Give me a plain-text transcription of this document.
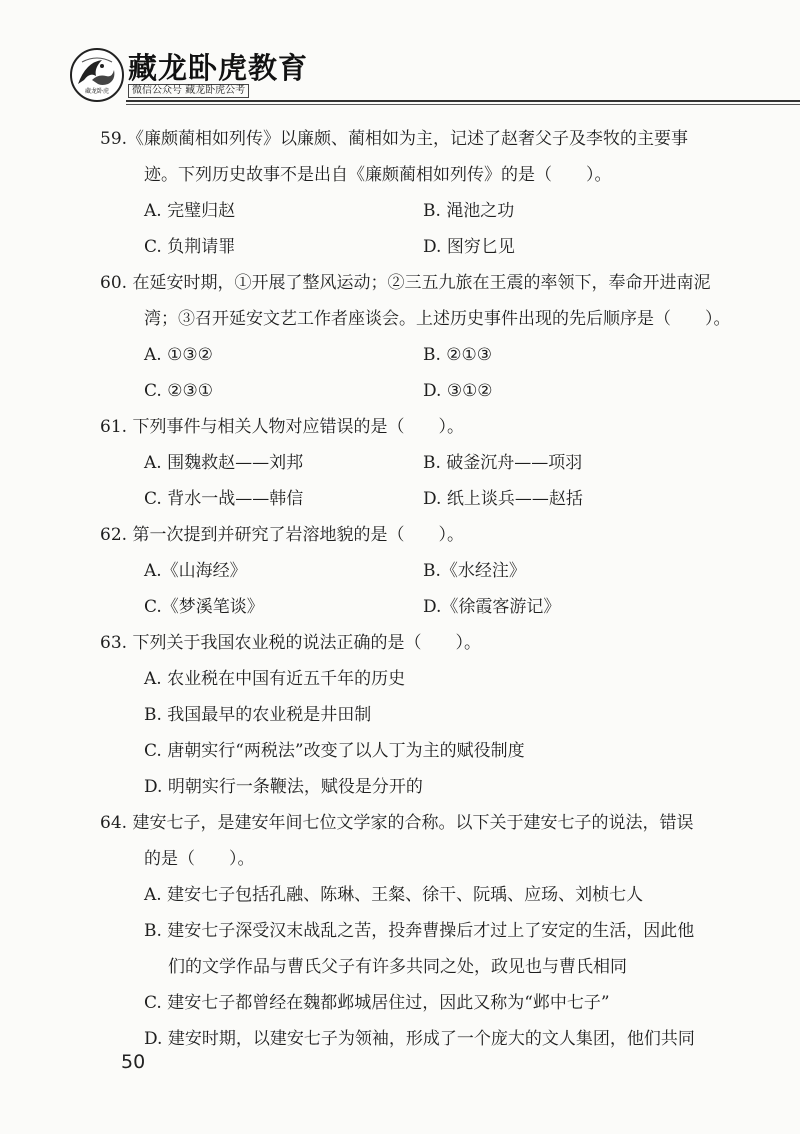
藏龙卧虎
藏龙卧虎教育
微信公众号 藏龙卧虎公考

59.《廉颇蔺相如列传》以廉颇、蔺相如为主，记述了赵奢父子及李牧的主要事

迹。下列历史故事不是出自《廉颇蔺相如列传》的是（　　）。

A. 完璧归赵	B. 渑池之功
C. 负荆请罪	D. 图穷匕见

60. 在延安时期，①开展了整风运动；②三五九旅在王震的率领下，奉命开进南泥

湾；③召开延安文艺工作者座谈会。上述历史事件出现的先后顺序是（　　）。

A. ①③②	B. ②①③
C. ②③①	D. ③①②

61. 下列事件与相关人物对应错误的是（　　）。

A. 围魏救赵——刘邦	B. 破釜沉舟——项羽
C. 背水一战——韩信	D. 纸上谈兵——赵括

62. 第一次提到并研究了岩溶地貌的是（　　）。

A.《山海经》	B.《水经注》
C.《梦溪笔谈》	D.《徐霞客游记》

63. 下列关于我国农业税的说法正确的是（　　）。

A. 农业税在中国有近五千年的历史
B. 我国最早的农业税是井田制
C. 唐朝实行“两税法”改变了以人丁为主的赋役制度
D. 明朝实行一条鞭法，赋役是分开的

64. 建安七子，是建安年间七位文学家的合称。以下关于建安七子的说法，错误

的是（　　）。

A. 建安七子包括孔融、陈琳、王粲、徐干、阮瑀、应玚、刘桢七人
B. 建安七子深受汉末战乱之苦，投奔曹操后才过上了安定的生活，因此他
们的文学作品与曹氏父子有许多共同之处，政见也与曹氏相同
C. 建安七子都曾经在魏都邺城居住过，因此又称为“邺中七子”
D. 建安时期，以建安七子为领袖，形成了一个庞大的文人集团，他们共同
50
